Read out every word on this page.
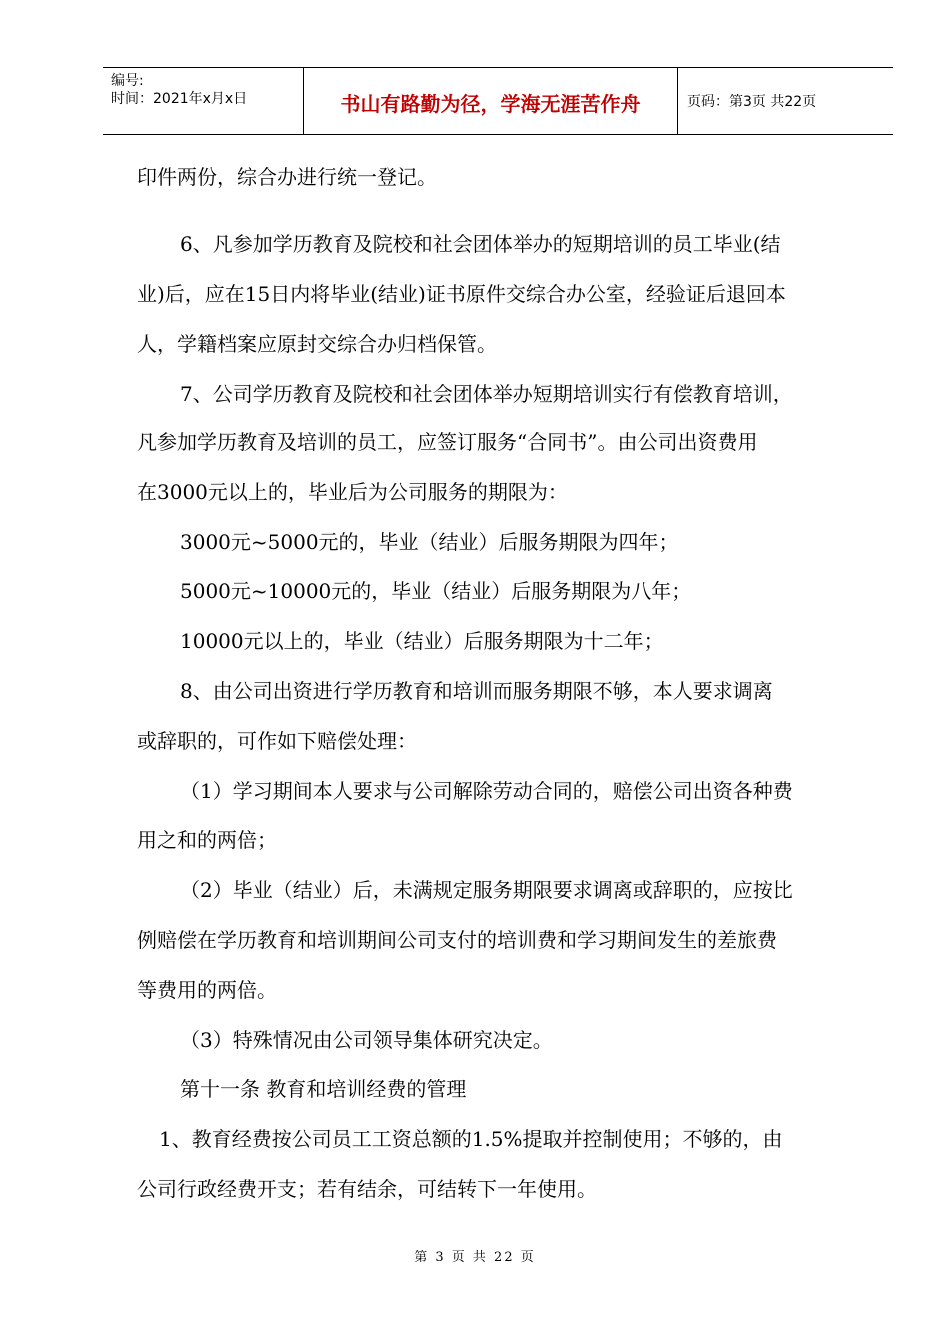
编号:
时间：2021年x月x日	书山有路勤为径，学海无涯苦作舟	页码：第3页 共22页
印件两份，综合办进行统一登记。
6、凡参加学历教育及院校和社会团体举办的短期培训的员工毕业(结
业)后，应在15日内将毕业(结业)证书原件交综合办公室，经验证后退回本
人，学籍档案应原封交综合办归档保管。
7、公司学历教育及院校和社会团体举办短期培训实行有偿教育培训，
凡参加学历教育及培训的员工，应签订服务“合同书”。由公司出资费用
在3000元以上的，毕业后为公司服务的期限为：
3000元~5000元的，毕业（结业）后服务期限为四年；
5000元~10000元的，毕业（结业）后服务期限为八年；
10000元以上的，毕业（结业）后服务期限为十二年；
8、由公司出资进行学历教育和培训而服务期限不够，本人要求调离
或辞职的，可作如下赔偿处理：
（1）学习期间本人要求与公司解除劳动合同的，赔偿公司出资各种费
用之和的两倍；
（2）毕业（结业）后，未满规定服务期限要求调离或辞职的，应按比
例赔偿在学历教育和培训期间公司支付的培训费和学习期间发生的差旅费
等费用的两倍。
（3）特殊情况由公司领导集体研究决定。
第十一条 教育和培训经费的管理
1、教育经费按公司员工工资总额的1.5%提取并控制使用；不够的，由
公司行政经费开支；若有结余，可结转下一年使用。
第 3 页 共 22 页
